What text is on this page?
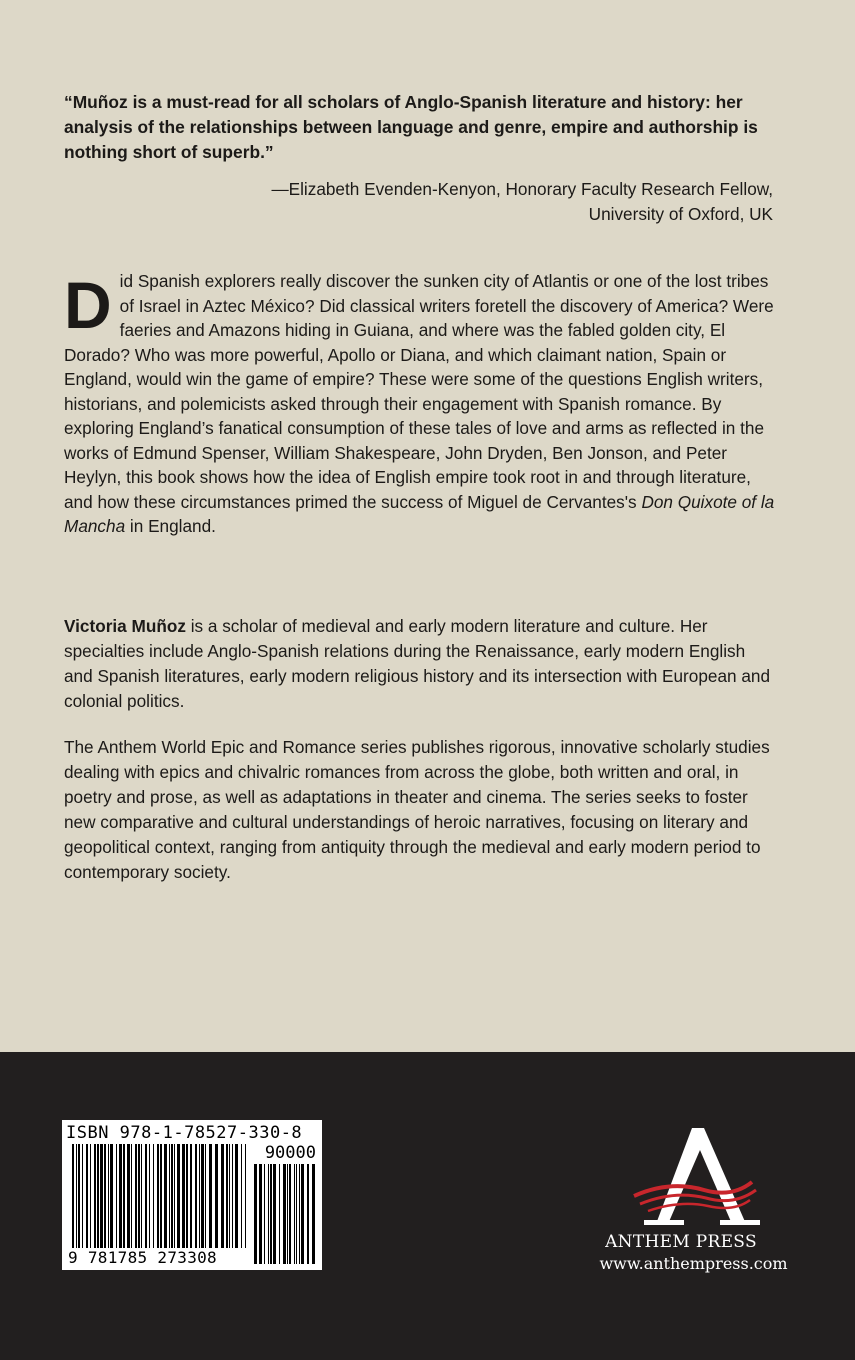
“Muñoz is a must-read for all scholars of Anglo-Spanish literature and history: her analysis of the relationships between language and genre, empire and authorship is nothing short of superb.”

—Elizabeth Evenden-Kenyon, Honorary Faculty Research Fellow,
University of Oxford, UK

Did Spanish explorers really discover the sunken city of Atlantis or one of the lost tribes of Israel in Aztec México? Did classical writers foretell the discovery of America? Were faeries and Amazons hiding in Guiana, and where was the fabled golden city, El Dorado? Who was more powerful, Apollo or Diana, and which claimant nation, Spain or England, would win the game of empire? These were some of the questions English writers, historians, and polemicists asked through their engagement with Spanish romance. By exploring England’s fanatical consumption of these tales of love and arms as reflected in the works of Edmund Spenser, William Shakespeare, John Dryden, Ben Jonson, and Peter Heylyn, this book shows how the idea of English empire took root in and through literature, and how these circumstances primed the success of Miguel de Cervantes's Don Quixote of la Mancha in England.

Victoria Muñoz is a scholar of medieval and early modern literature and culture. Her specialties include Anglo-Spanish relations during the Renaissance, early modern English and Spanish literatures, early modern religious history and its intersection with European and colonial politics.

The Anthem World Epic and Romance series publishes rigorous, innovative scholarly studies dealing with epics and chivalric romances from across the globe, both written and oral, in poetry and prose, as well as adaptations in theater and cinema. The series seeks to foster new comparative and cultural understandings of heroic narratives, focusing on literary and geopolitical context, ranging from antiquity through the medieval and early modern period to contemporary society.

ISBN 978-1-78527-330-8
90000
9 781785 273308
ANTHEM PRESS
www.anthempress.com
